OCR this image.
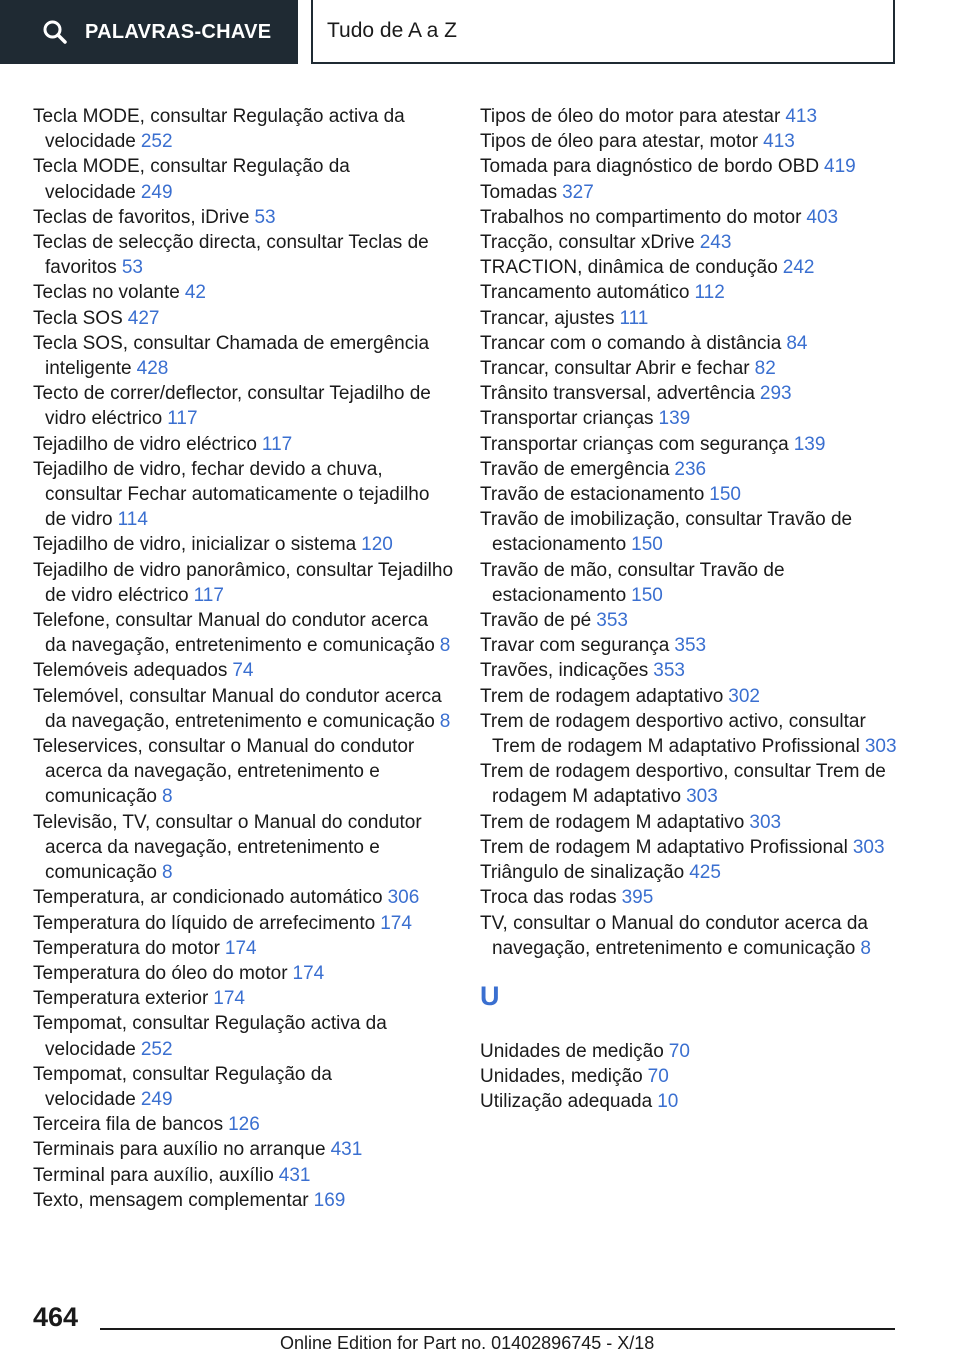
PALAVRAS-CHAVE	Tudo de A a Z
Tecla MODE, consultar Regulação activa da velocidade 252
Tecla MODE, consultar Regulação da velocidade 249
Teclas de favoritos, iDrive 53
Teclas de selecção directa, consultar Teclas de favoritos 53
Teclas no volante 42
Tecla SOS 427
Tecla SOS, consultar Chamada de emergência inteligente 428
Tecto de correr/deflector, consultar Tejadilho de vidro eléctrico 117
Tejadilho de vidro eléctrico 117
Tejadilho de vidro, fechar devido a chuva, consultar Fechar automaticamente o tejadilho de vidro 114
Tejadilho de vidro, inicializar o sistema 120
Tejadilho de vidro panorâmico, consultar Tejadilho de vidro eléctrico 117
Telefone, consultar Manual do condutor acerca da navegação, entretenimento e comunicação 8
Telemóveis adequados 74
Telemóvel, consultar Manual do condutor acerca da navegação, entretenimento e comunicação 8
Teleservices, consultar o Manual do condutor acerca da navegação, entretenimento e comunicação 8
Televisão, TV, consultar o Manual do condutor acerca da navegação, entretenimento e comunicação 8
Temperatura, ar condicionado automático 306
Temperatura do líquido de arrefecimento 174
Temperatura do motor 174
Temperatura do óleo do motor 174
Temperatura exterior 174
Tempomat, consultar Regulação activa da velocidade 252
Tempomat, consultar Regulação da velocidade 249
Terceira fila de bancos 126
Terminais para auxílio no arranque 431
Terminal para auxílio, auxílio 431
Texto, mensagem complementar 169
Tipos de óleo do motor para atestar 413
Tipos de óleo para atestar, motor 413
Tomada para diagnóstico de bordo OBD 419
Tomadas 327
Trabalhos no compartimento do motor 403
Tracção, consultar xDrive 243
TRACTION, dinâmica de condução 242
Trancamento automático 112
Trancar, ajustes 111
Trancar com o comando à distância 84
Trancar, consultar Abrir e fechar 82
Trânsito transversal, advertência 293
Transportar crianças 139
Transportar crianças com segurança 139
Travão de emergência 236
Travão de estacionamento 150
Travão de imobilização, consultar Travão de estacionamento 150
Travão de mão, consultar Travão de estacionamento 150
Travão de pé 353
Travar com segurança 353
Travões, indicações 353
Trem de rodagem adaptativo 302
Trem de rodagem desportivo activo, consultar Trem de rodagem M adaptativo Profissional 303
Trem de rodagem desportivo, consultar Trem de rodagem M adaptativo 303
Trem de rodagem M adaptativo 303
Trem de rodagem M adaptativo Profissional 303
Triângulo de sinalização 425
Troca das rodas 395
TV, consultar o Manual do condutor acerca da navegação, entretenimento e comunicação 8
U
Unidades de medição 70
Unidades, medição 70
Utilização adequada 10
464
Online Edition for Part no. 01402896745 - X/18
